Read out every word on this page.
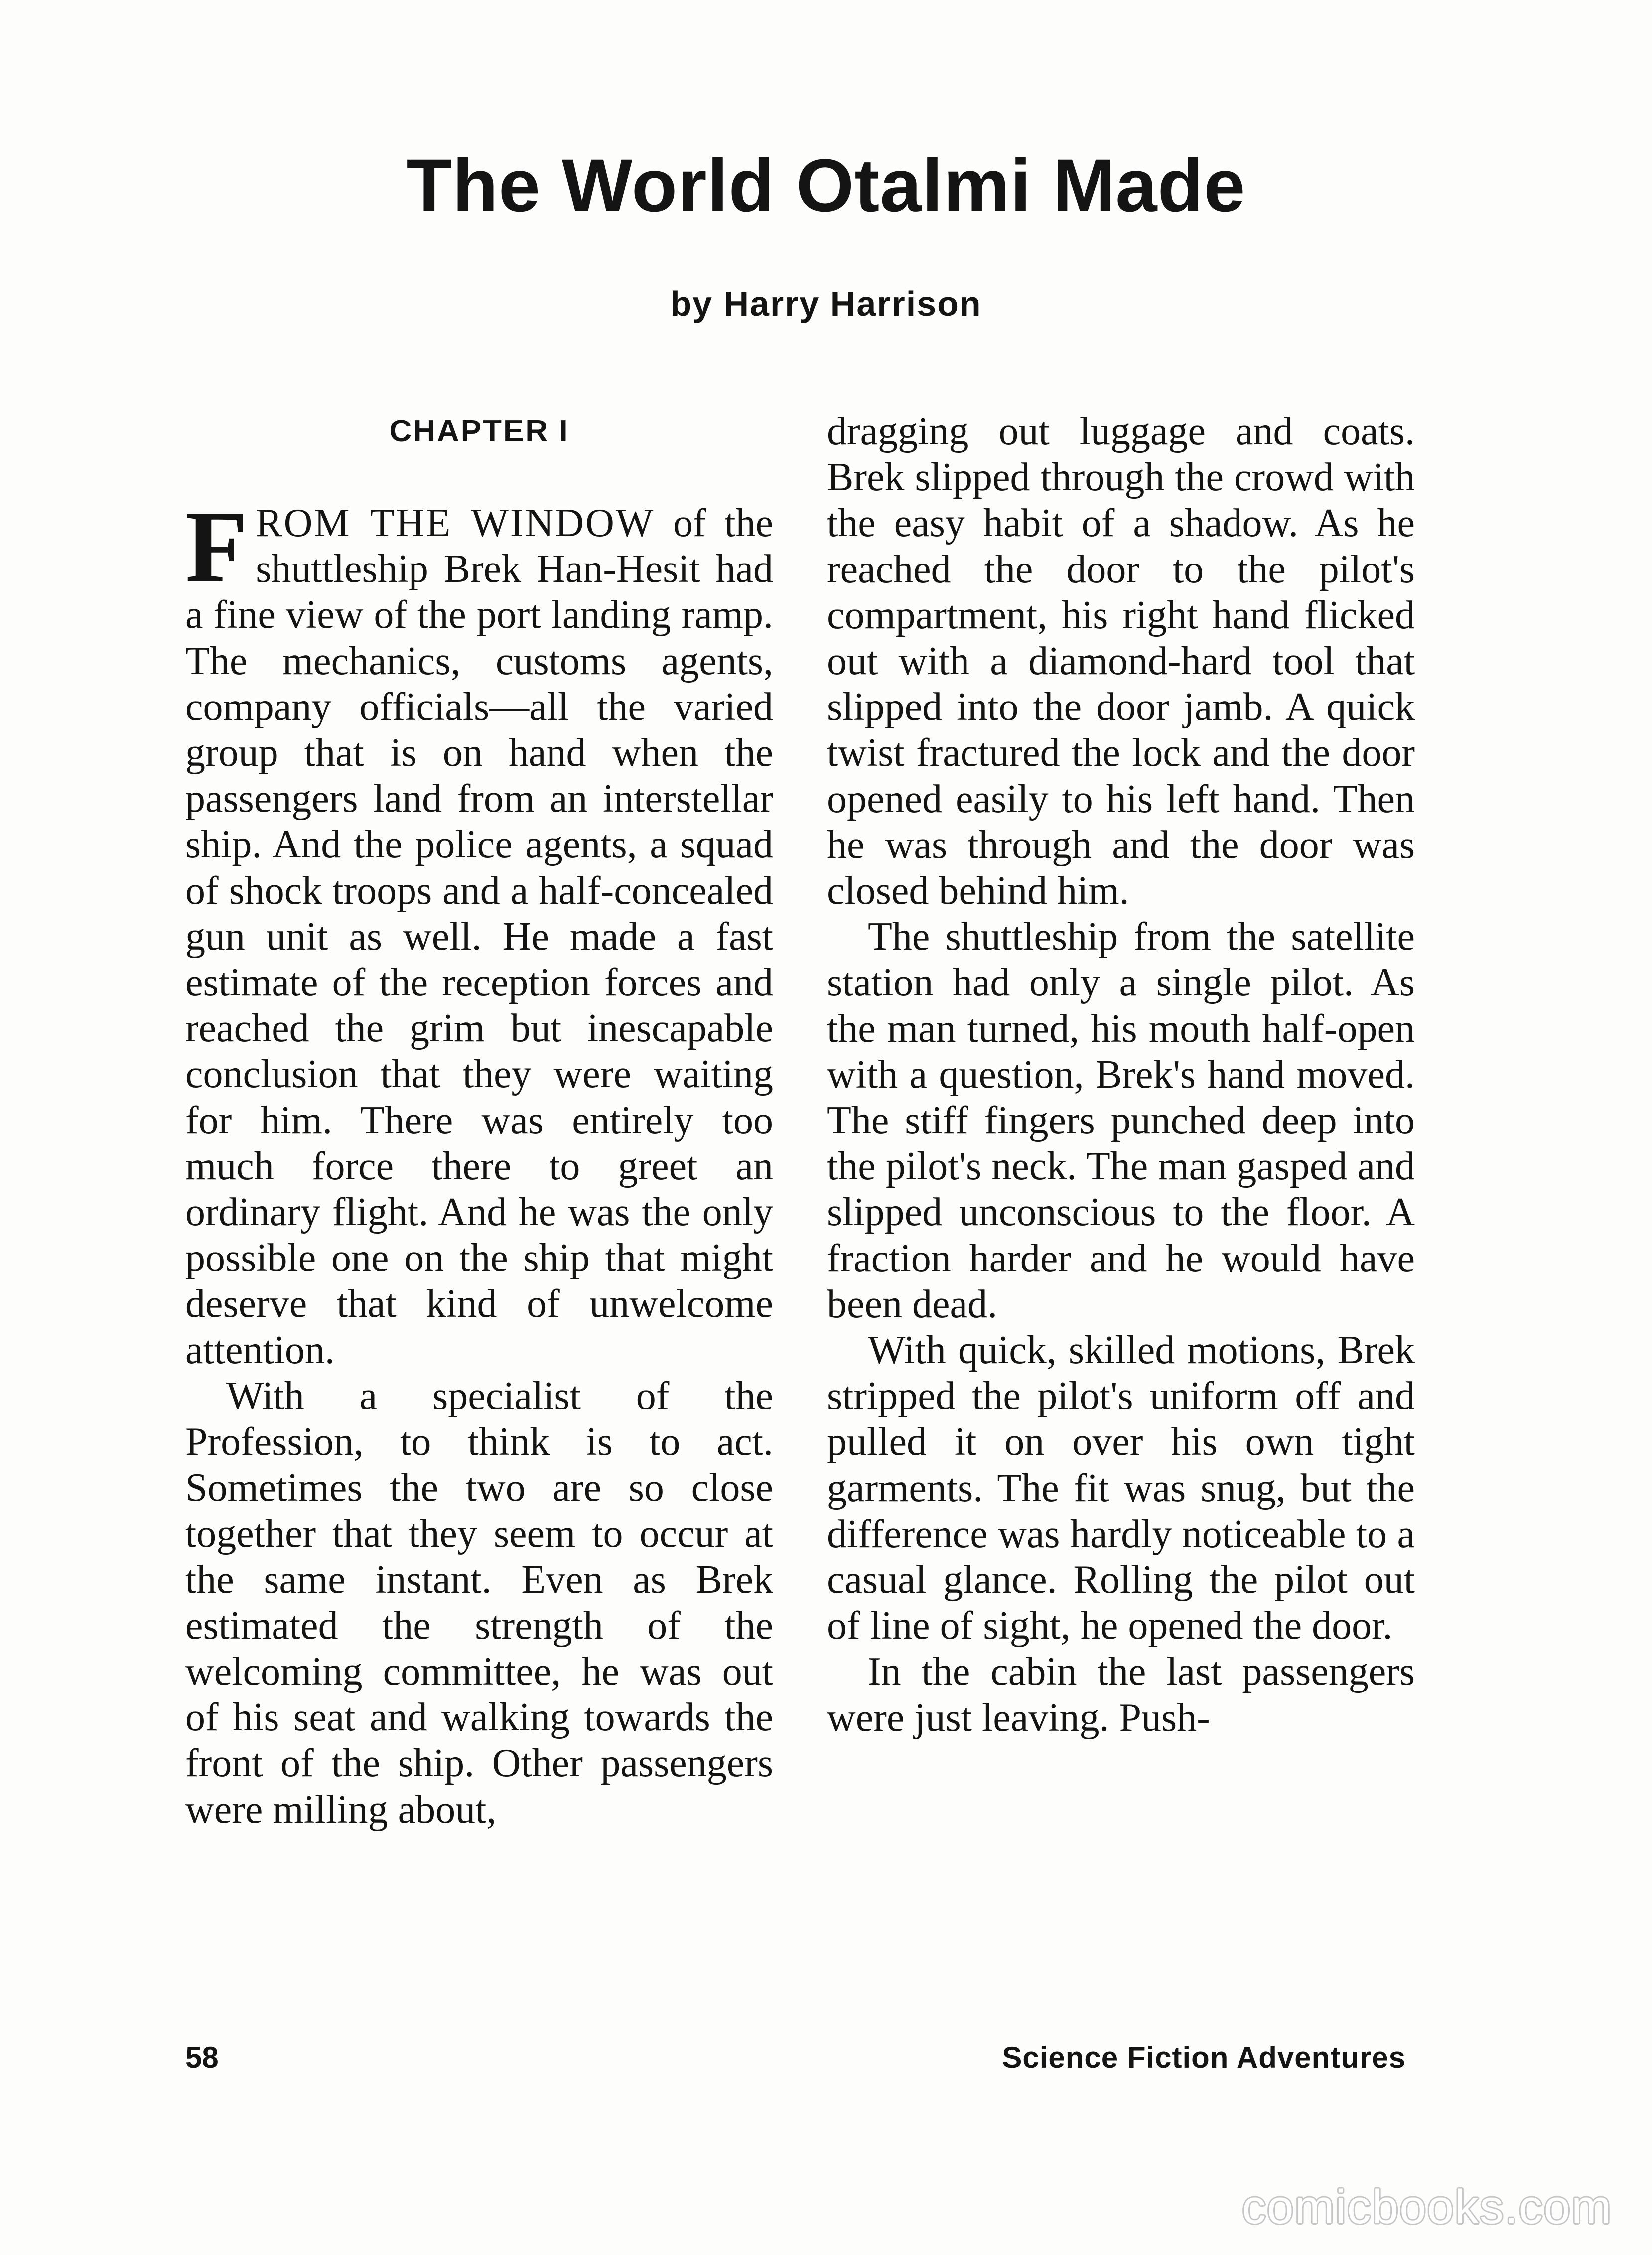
The World Otalmi Made
by Harry Harrison
CHAPTER I

FROM THE WINDOW of the shuttleship Brek Han-Hesit had a fine view of the port landing ramp. The mechanics, customs agents, company officials—all the varied group that is on hand when the passengers land from an interstellar ship. And the police agents, a squad of shock troops and a half-concealed gun unit as well. He made a fast estimate of the reception forces and reached the grim but inescapable conclusion that they were waiting for him. There was entirely too much force there to greet an ordinary flight. And he was the only possible one on the ship that might deserve that kind of unwelcome attention.

With a specialist of the Profession, to think is to act. Sometimes the two are so close together that they seem to occur at the same instant. Even as Brek estimated the strength of the welcoming committee, he was out of his seat and walking towards the front of the ship. Other passengers were milling about,

dragging out luggage and coats. Brek slipped through the crowd with the easy habit of a shadow. As he reached the door to the pilot's compartment, his right hand flicked out with a diamond-hard tool that slipped into the door jamb. A quick twist fractured the lock and the door opened easily to his left hand. Then he was through and the door was closed behind him.

The shuttleship from the satellite station had only a single pilot. As the man turned, his mouth half-open with a question, Brek's hand moved. The stiff fingers punched deep into the pilot's neck. The man gasped and slipped unconscious to the floor. A fraction harder and he would have been dead.

With quick, skilled motions, Brek stripped the pilot's uniform off and pulled it on over his own tight garments. The fit was snug, but the difference was hardly noticeable to a casual glance. Rolling the pilot out of line of sight, he opened the door.

In the cabin the last passengers were just leaving. Push-

58	Science Fiction Adventures
comicbooks.com
